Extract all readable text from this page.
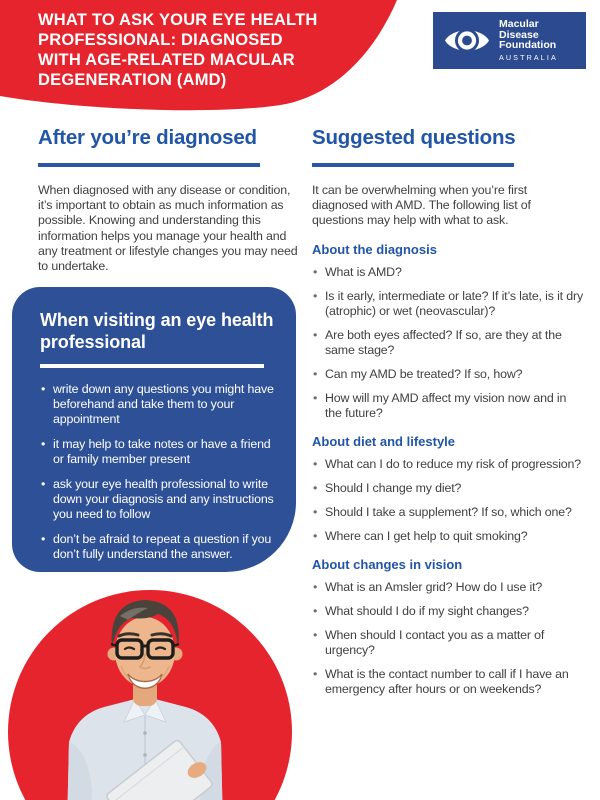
WHAT TO ASK YOUR EYE HEALTH
PROFESSIONAL: DIAGNOSED
WITH AGE-RELATED MACULAR
DEGENERATION (AMD)
Macular
Disease
Foundation
AUSTRALIA
After you’re diagnosed

When diagnosed with any disease or condition, it’s important to obtain as much information as possible. Knowing and understanding this information helps you manage your health and any treatment or lifestyle changes you may need to undertake.

When visiting an eye health professional
• write down any questions you might have beforehand and take them to your appointment
• it may help to take notes or have a friend or family member present
• ask your eye health professional to write down your diagnosis and any instructions you need to follow
• don’t be afraid to repeat a question if you don’t fully understand the answer.
Suggested questions

It can be overwhelming when you’re first diagnosed with AMD. The following list of questions may help with what to ask.

About the diagnosis
• What is AMD?
• Is it early, intermediate or late? If it’s late, is it dry (atrophic) or wet (neovascular)?
• Are both eyes affected? If so, are they at the same stage?
• Can my AMD be treated? If so, how?
• How will my AMD affect my vision now and in the future?
About diet and lifestyle
• What can I do to reduce my risk of progression?
• Should I change my diet?
• Should I take a supplement? If so, which one?
• Where can I get help to quit smoking?
About changes in vision
• What is an Amsler grid? How do I use it?
• What should I do if my sight changes?
• When should I contact you as a matter of urgency?
• What is the contact number to call if I have an emergency after hours or on weekends?
